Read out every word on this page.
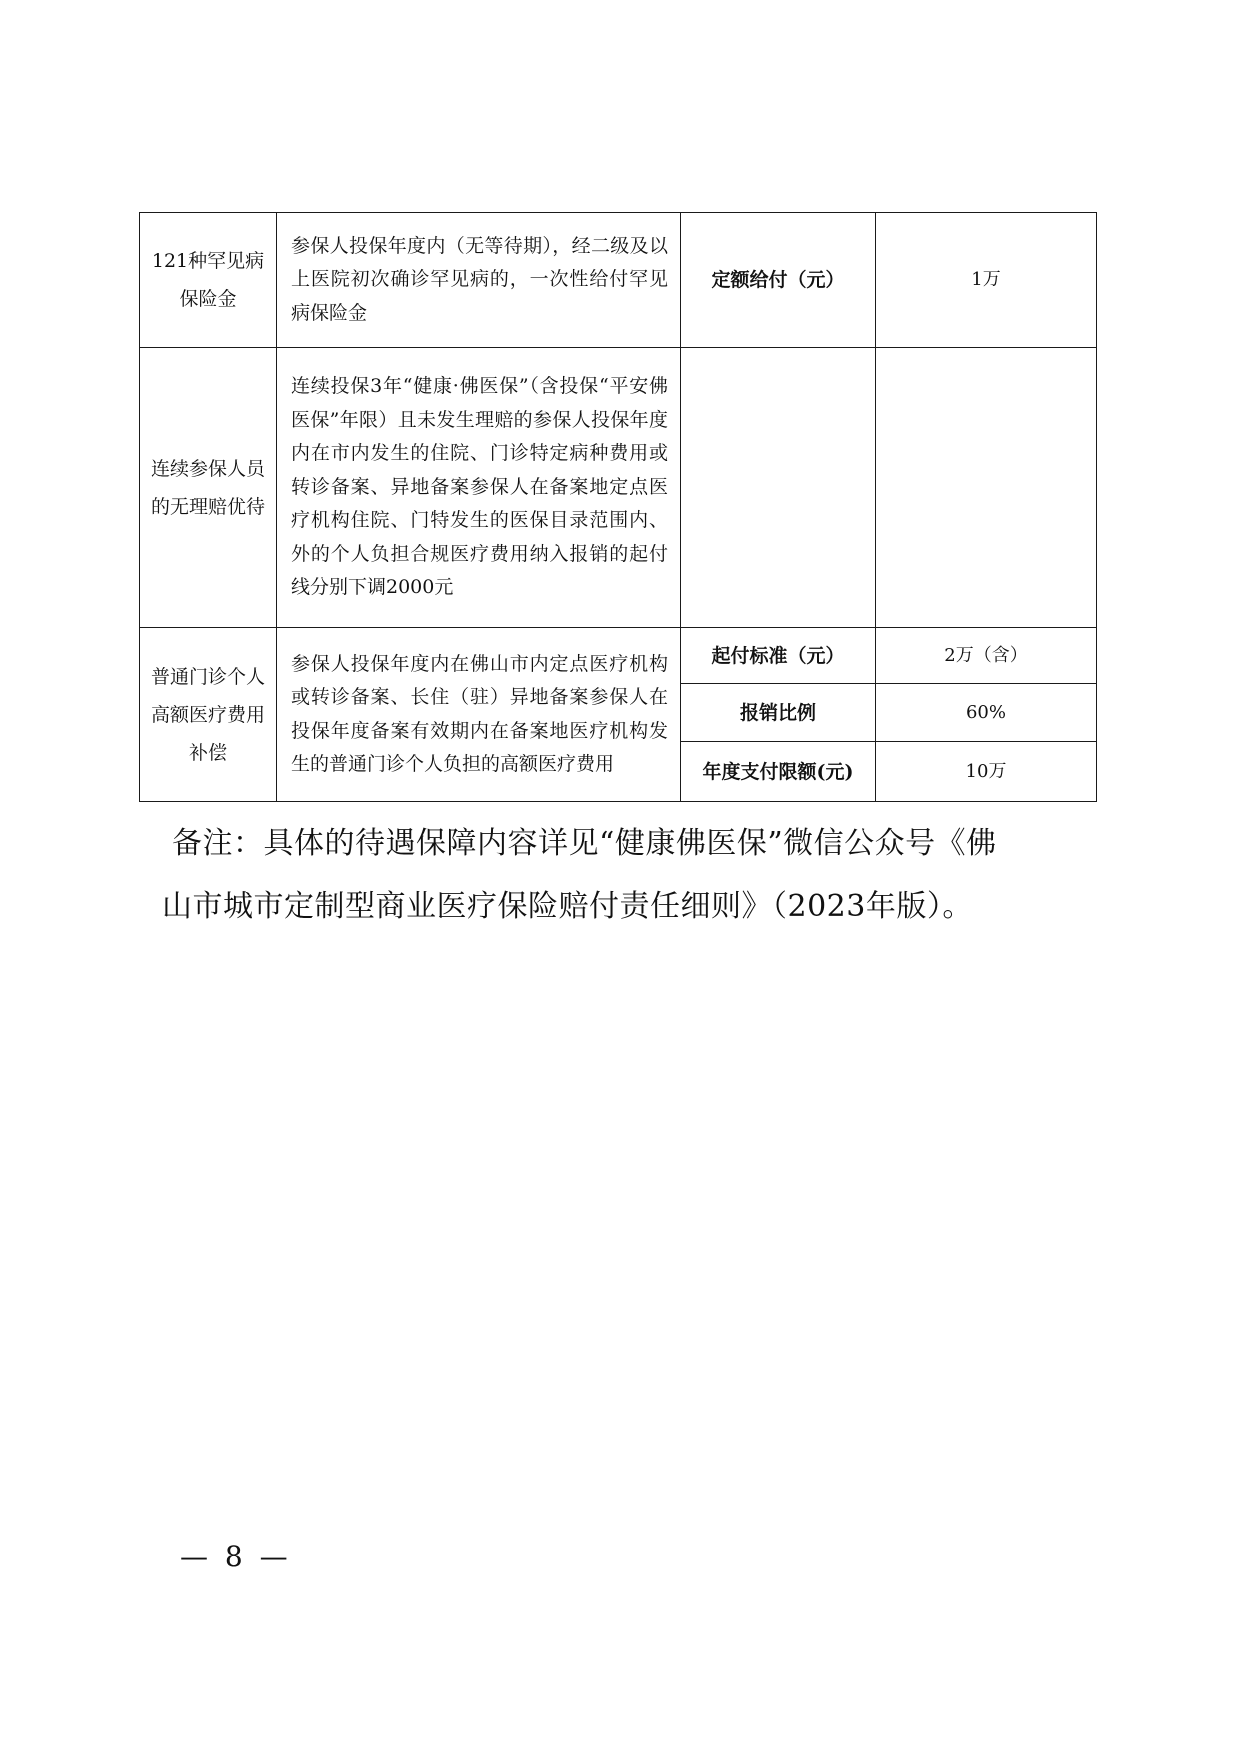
121种罕见病保险金	参保人投保年度内（无等待期），经二级及以上医院初次确诊罕见病的，一次性给付罕见病保险金	定额给付（元）	1万
连续参保人员的无理赔优待	连续投保3年“健康·佛医保”（含投保“平安佛医保”年限）且未发生理赔的参保人投保年度内在市内发生的住院、门诊特定病种费用或转诊备案、异地备案参保人在备案地定点医疗机构住院、门特发生的医保目录范围内、外的个人负担合规医疗费用纳入报销的起付线分别下调2000元		
普通门诊个人高额医疗费用补偿	参保人投保年度内在佛山市内定点医疗机构或转诊备案、长住（驻）异地备案参保人在投保年度备案有效期内在备案地医疗机构发生的普通门诊个人负担的高额医疗费用	起付标准（元）	2万（含）
		报销比例	60%
		年度支付限额(元)	10万
备注：具体的待遇保障内容详见“健康佛医保”微信公众号《佛
山市城市定制型商业医疗保险赔付责任细则》（2023年版）。
— 8 —
